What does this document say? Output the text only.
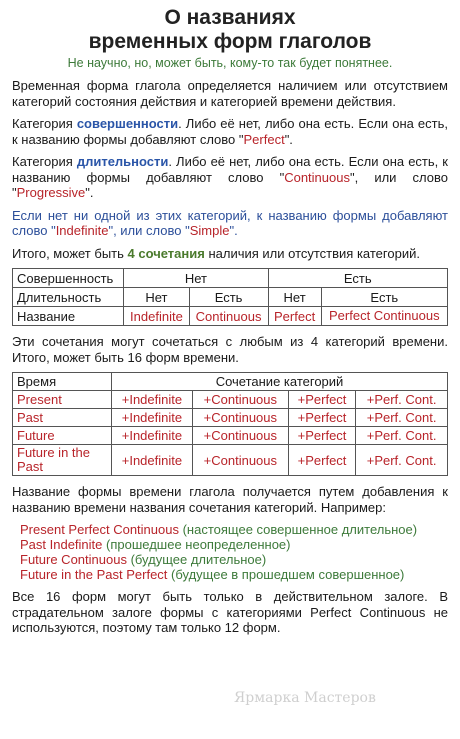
О названиях
временных форм глаголов
Не научно, но, может быть, кому-то так будет понятнее.

Временная форма глагола определяется наличием или отсутствием категорий состояния действия и категорией времени действия.

Категория совершенности. Либо её нет, либо она есть. Если она есть, к названию формы добавляют слово "Perfect".

Категория длительности. Либо её нет, либо она есть. Если она есть, к названию формы добавляют слово "Continuous", или слово "Progressive".

Если нет ни одной из этих категорий, к названию формы добавляют слово "Indefinite", или слово "Simple".

Итого, может быть 4 сочетания наличия или отсутствия категорий.

Совершенность	Нет		Есть	
Длительность	Нет	Есть	Нет	Есть
Название	Indefinite	Continuous	Perfect	Perfect Continuous

Эти сочетания могут сочетаться с любым из 4 категорий времени. Итого, может быть 16 форм времени.

Время	Сочетание категорий			
Present	+Indefinite	+Continuous	+Perfect	+Perf. Cont.
Past	+Indefinite	+Continuous	+Perfect	+Perf. Cont.
Future	+Indefinite	+Continuous	+Perfect	+Perf. Cont.
Future in the Past	+Indefinite	+Continuous	+Perfect	+Perf. Cont.

Название формы времени глагола получается путем добавления к названию времени названия сочетания категорий. Например:

Present Perfect Continuous (настоящее совершенное длительное)
Past Indefinite (прошедшее неопределенное)
Future Continuous (будущее длительное)
Future in the Past Perfect (будущее в прошедшем совершенное)

Все 16 форм могут быть только в действительном залоге. В страдательном залоге формы с категориями Perfect Continuous не используются, поэтому там только 12 форм.

Ярмарка Мастеров
